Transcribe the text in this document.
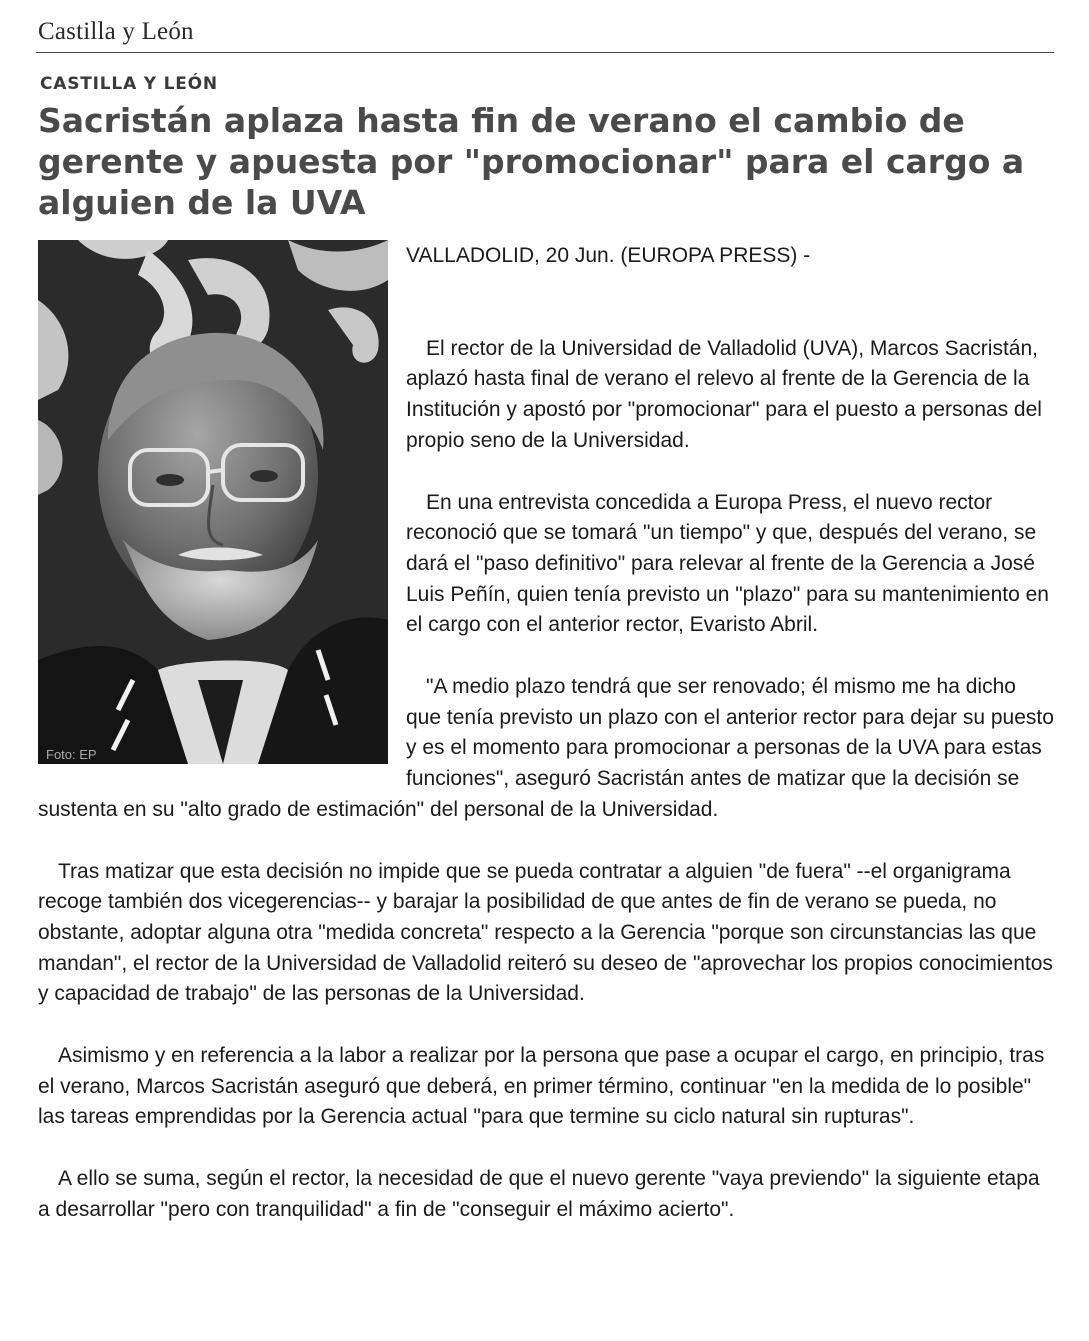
Castilla y León
CASTILLA Y LEÓN
Sacristán aplaza hasta fin de verano el cambio de gerente y apuesta por "promocionar" para el cargo a alguien de la UVA
Foto: EP

VALLADOLID, 20 Jun. (EUROPA PRESS) -

El rector de la Universidad de Valladolid (UVA), Marcos Sacristán, aplazó hasta final de verano el relevo al frente de la Gerencia de la Institución y apostó por "promocionar" para el puesto a personas del propio seno de la Universidad.

En una entrevista concedida a Europa Press, el nuevo rector reconoció que se tomará "un tiempo" y que, después del verano, se dará el "paso definitivo" para relevar al frente de la Gerencia a José Luis Peñín, quien tenía previsto un "plazo" para su mantenimiento en el cargo con el anterior rector, Evaristo Abril.

"A medio plazo tendrá que ser renovado; él mismo me ha dicho que tenía previsto un plazo con el anterior rector para dejar su puesto y es el momento para promocionar a personas de la UVA para estas funciones", aseguró Sacristán antes de matizar que la decisión se sustenta en su "alto grado de estimación" del personal de la Universidad.

Tras matizar que esta decisión no impide que se pueda contratar a alguien "de fuera" --el organigrama recoge también dos vicegerencias-- y barajar la posibilidad de que antes de fin de verano se pueda, no obstante, adoptar alguna otra "medida concreta" respecto a la Gerencia "porque son circunstancias las que mandan", el rector de la Universidad de Valladolid reiteró su deseo de "aprovechar los propios conocimientos y capacidad de trabajo" de las personas de la Universidad.

Asimismo y en referencia a la labor a realizar por la persona que pase a ocupar el cargo, en principio, tras el verano, Marcos Sacristán aseguró que deberá, en primer término, continuar "en la medida de lo posible" las tareas emprendidas por la Gerencia actual "para que termine su ciclo natural sin rupturas".

A ello se suma, según el rector, la necesidad de que el nuevo gerente "vaya previendo" la siguiente etapa a desarrollar "pero con tranquilidad" a fin de "conseguir el máximo acierto".
